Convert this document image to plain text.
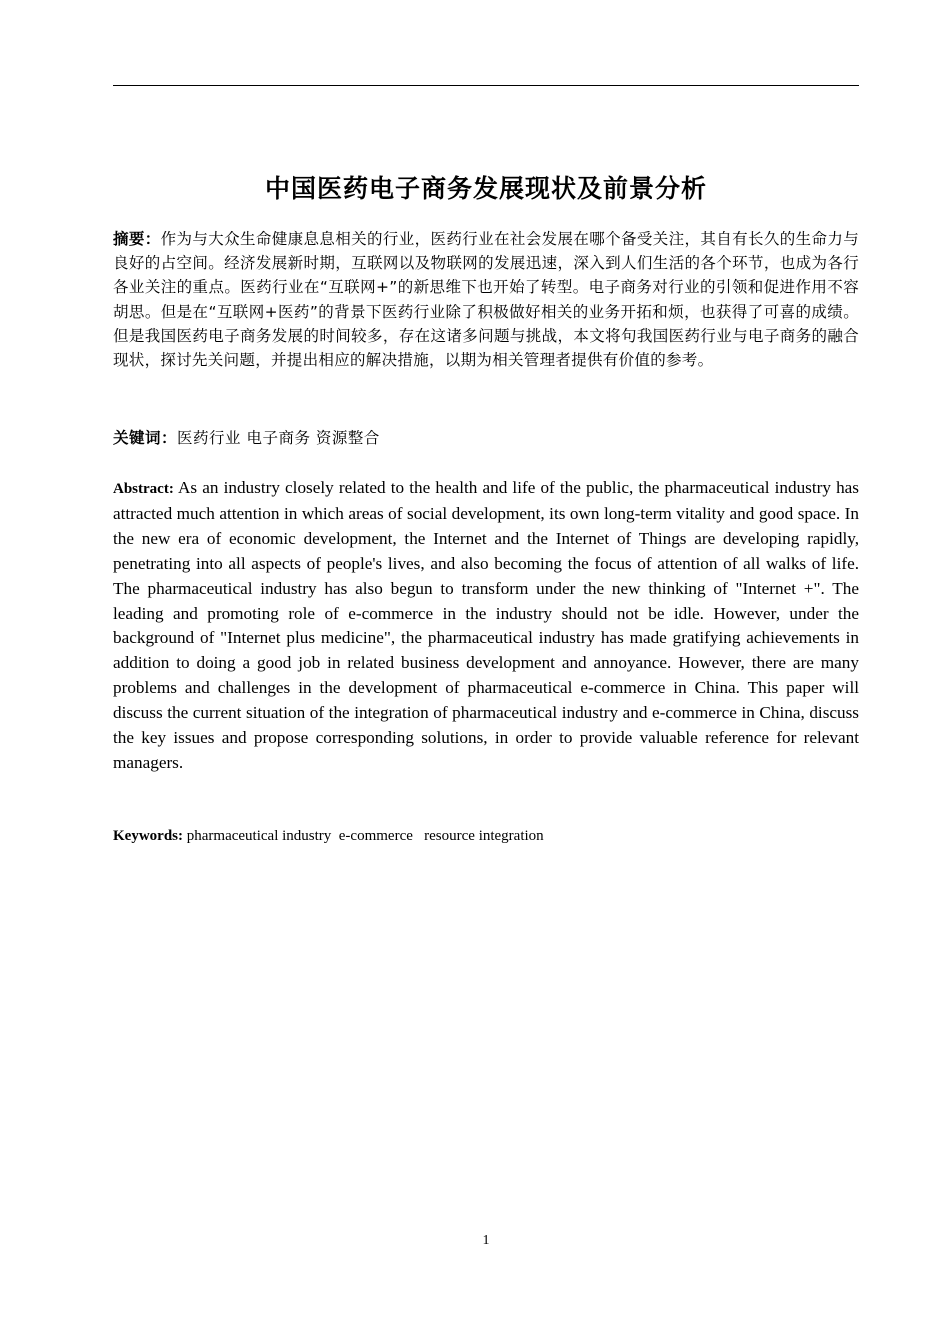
中国医药电子商务发展现状及前景分析

摘要：作为与大众生命健康息息相关的行业，医药行业在社会发展在哪个备受关注，其自有长久的生命力与良好的占空间。经济发展新时期，互联网以及物联网的发展迅速，深入到人们生活的各个环节，也成为各行各业关注的重点。医药行业在“互联网+”的新思维下也开始了转型。电子商务对行业的引领和促进作用不容胡思。但是在“互联网+医药”的背景下医药行业除了积极做好相关的业务开拓和烦，也获得了可喜的成绩。但是我国医药电子商务发展的时间较多，存在这诸多问题与挑战，本文将句我国医药行业与电子商务的融合现状，探讨先关问题，并提出相应的解决措施，以期为相关管理者提供有价值的参考。

关键词：医药行业 电子商务 资源整合

Abstract: As an industry closely related to the health and life of the public, the pharmaceutical industry has attracted much attention in which areas of social development, its own long-term vitality and good space. In the new era of economic development, the Internet and the Internet of Things are developing rapidly, penetrating into all aspects of people's lives, and also becoming the focus of attention of all walks of life. The pharmaceutical industry has also begun to transform under the new thinking of "Internet +". The leading and promoting role of e-commerce in the industry should not be idle. However, under the background of "Internet plus medicine", the pharmaceutical industry has made gratifying achievements in addition to doing a good job in related business development and annoyance. However, there are many problems and challenges in the development of pharmaceutical e-commerce in China. This paper will discuss the current situation of the integration of pharmaceutical industry and e-commerce in China, discuss the key issues and propose corresponding solutions, in order to provide valuable reference for relevant managers.

Keywords: pharmaceutical industry  e-commerce   resource integration

1
